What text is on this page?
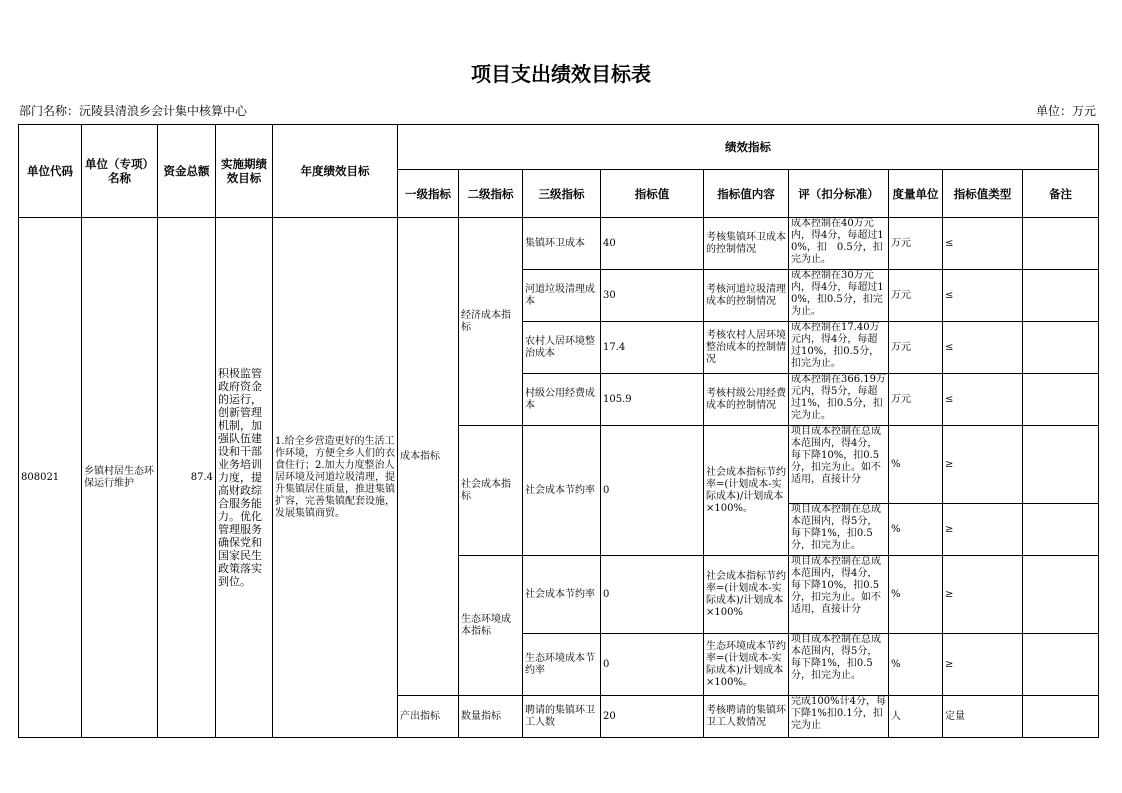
项目支出绩效目标表
部门名称：沅陵县清浪乡会计集中核算中心	单位：万元
单位代码	单位（专项）名称	资金总额	实施期绩效目标	年度绩效目标	绩效指标								
					一级指标	二级指标	三级指标	指标值	指标值内容	评（扣分标准）	度量单位	指标值类型	备注
808021	乡镇村居生态环保运行维护	87.4	积极监管政府资金的运行，创新管理机制，加强队伍建设和干部业务培训力度，提高财政综合服务能力。优化管理服务确保党和国家民生政策落实到位。	1.给全乡营造更好的生活工作环境，方便全乡人们的衣食住行；2.加大力度整治人居环境及河道垃圾清理，提升集镇居住质量，推进集镇扩容，完善集镇配套设施，发展集镇商贸。	成本指标	经济成本指标	集镇环卫成本	40	考核集镇环卫成本的控制情况	成本控制在40万元内，得4分，每超过10%，扣　0.5分，扣完为止。	万元	≤	
							河道垃圾清理成本	30	考核河道垃圾清理成本的控制情况	成本控制在30万元内，得4分，每超过10%，扣0.5分，扣完为止。	万元	≤	
							农村人居环境整治成本	17.4	考核农村人居环境整治成本的控制情况	成本控制在17.40万元内，得4分，每超过10%，扣0.5分，扣完为止。	万元	≤	
							村级公用经费成本	105.9	考核村级公用经费成本的控制情况	成本控制在366.19万元内，得5分，每超过1%，扣0.5分，扣完为止。	万元	≤	
						社会成本指标	社会成本节约率	0	社会成本指标节约率=(计划成本-实际成本)/计划成本×100%。	项目成本控制在总成本范围内，得4分，每下降10%，扣0.5分，扣完为止。如不适用，直接计分	%	≥	
										项目成本控制在总成本范围内，得5分，每下降1%，扣0.5分，扣完为止。	%	≥	
						生态环境成本指标	社会成本节约率	0	社会成本指标节约率=(计划成本-实际成本)/计划成本×100%	项目成本控制在总成本范围内，得4分，每下降10%，扣0.5分，扣完为止。如不适用，直接计分	%	≥	
							生态环境成本节约率	0	生态环境成本节约率=(计划成本-实际成本)/计划成本×100%。	项目成本控制在总成本范围内，得5分，每下降1%，扣0.5分，扣完为止。	%	≥	
					产出指标	数量指标	聘请的集镇环卫工人数	20	考核聘请的集镇环卫工人数情况	完成100%计4分，每下降1%扣0.1分，扣完为止	人	定量	
